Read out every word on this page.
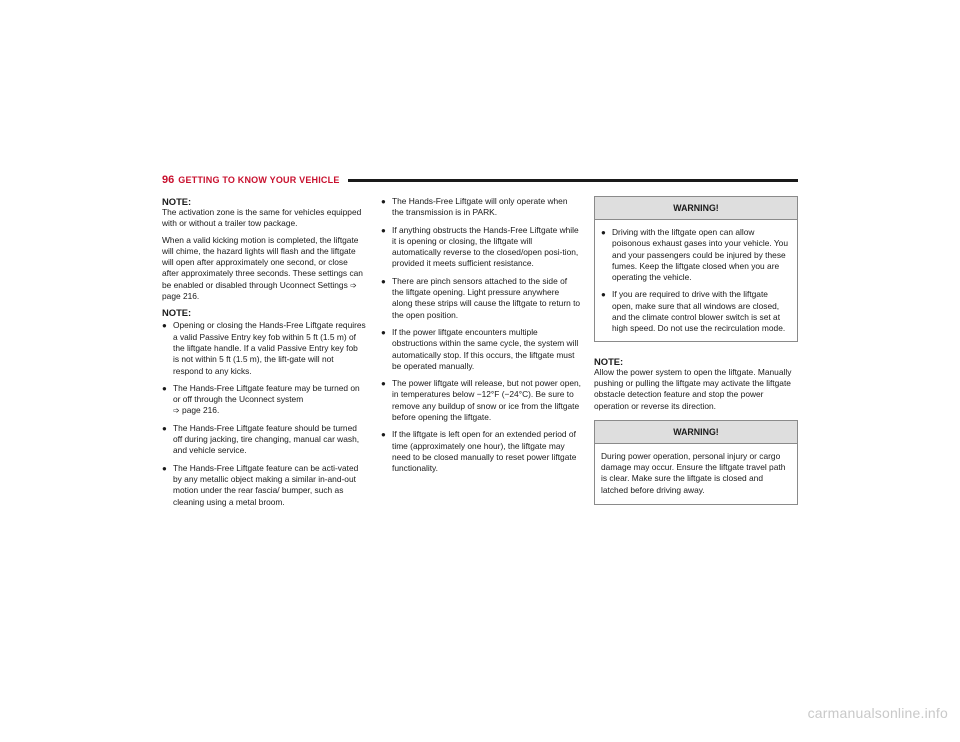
96 GETTING TO KNOW YOUR VEHICLE
NOTE:

The activation zone is the same for vehicles equipped with or without a trailer tow package.

When a valid kicking motion is completed, the liftgate will chime, the hazard lights will flash and the liftgate will open after approximately one second, or close after approximately three seconds. These settings can be enabled or disabled through Uconnect Settings ➩ page 216.

NOTE:
● Opening or closing the Hands-Free Liftgate requires a valid Passive Entry key fob within 5 ft (1.5 m) of the liftgate handle. If a valid Passive Entry key fob is not within 5 ft (1.5 m), the lift-gate will not respond to any kicks.
● The Hands-Free Liftgate feature may be turned on or off through the Uconnect system
➩ page 216.
● The Hands-Free Liftgate feature should be turned off during jacking, tire changing, manual car wash, and vehicle service.
● The Hands-Free Liftgate feature can be acti-vated by any metallic object making a similar in-and-out motion under the rear fascia/ bumper, such as cleaning using a metal broom.
● The Hands-Free Liftgate will only operate when the transmission is in PARK.
● If anything obstructs the Hands-Free Liftgate while it is opening or closing, the liftgate will automatically reverse to the closed/open posi-tion, provided it meets sufficient resistance.
● There are pinch sensors attached to the side of the liftgate opening. Light pressure anywhere along these strips will cause the liftgate to return to the open position.
● If the power liftgate encounters multiple obstructions within the same cycle, the system will automatically stop. If this occurs, the liftgate must be operated manually.
● The power liftgate will release, but not power open, in temperatures below −12°F (−24°C). Be sure to remove any buildup of snow or ice from the liftgate before opening the liftgate.
● If the liftgate is left open for an extended period of time (approximately one hour), the liftgate may need to be closed manually to reset power liftgate functionality.
WARNING!
● Driving with the liftgate open can allow poisonous exhaust gases into your vehicle. You and your passengers could be injured by these fumes. Keep the liftgate closed when you are operating the vehicle.
● If you are required to drive with the liftgate open, make sure that all windows are closed, and the climate control blower switch is set at high speed. Do not use the recirculation mode.
NOTE:

Allow the power system to open the liftgate. Manually pushing or pulling the liftgate may activate the liftgate obstacle detection feature and stop the power operation or reverse its direction.

WARNING!

During power operation, personal injury or cargo damage may occur. Ensure the liftgate travel path is clear. Make sure the liftgate is closed and latched before driving away.

carmanualsonline.info
